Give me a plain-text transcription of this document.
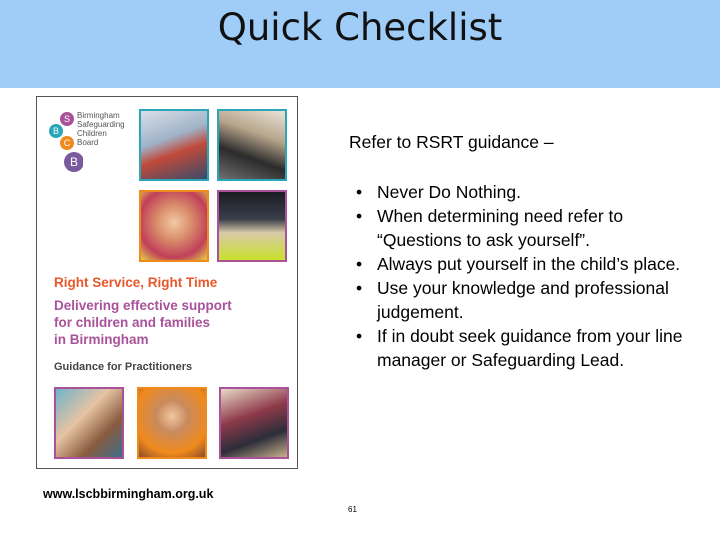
Quick Checklist
S
B
C
B
Birmingham
Safeguarding
Children
Board
Right Service, Right Time
Delivering effective support
for children and families
in Birmingham
Guidance for Practitioners
Refer to RSRT guidance –
• Never Do Nothing.
• When determining need refer to “Questions to ask yourself”.
• Always put yourself in the child’s place.
• Use your knowledge and professional judgement.
• If in doubt seek guidance from your line manager or Safeguarding Lead.
www.lscbbirmingham.org.uk
61
